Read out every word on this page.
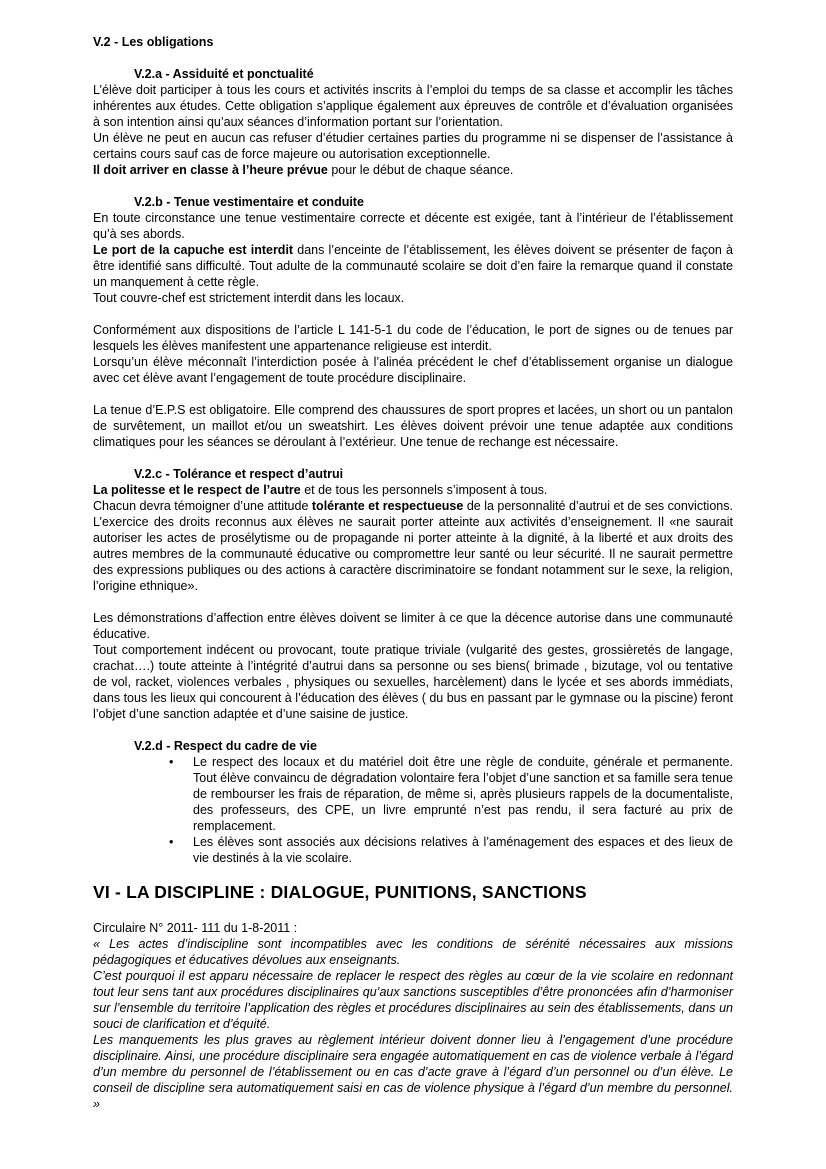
V.2 - Les obligations

V.2.a - Assiduité et ponctualité

L’élève doit participer à tous les cours et activités inscrits à l’emploi du temps de sa classe et accomplir les tâches inhérentes aux études. Cette obligation s’applique également aux épreuves de contrôle et d’évaluation organisées à son intention ainsi qu’aux séances d’information portant sur l’orientation.

Un élève ne peut en aucun cas refuser d’étudier certaines parties du programme ni se dispenser de l’assistance à certains cours sauf cas de force majeure ou autorisation exceptionnelle.

Il doit arriver en classe à l’heure prévue pour le début de chaque séance.

V.2.b - Tenue vestimentaire et conduite

En toute circonstance une tenue vestimentaire correcte et décente est exigée, tant à l’intérieur de l’établissement qu’à ses abords.

Le port de la capuche est interdit dans l’enceinte de l’établissement, les élèves doivent se présenter de façon à être identifié sans difficulté. Tout adulte de la communauté scolaire se doit d’en faire la remarque quand il constate un manquement à cette règle.

Tout couvre-chef est strictement interdit dans les locaux.

Conformément aux dispositions de l’article L 141-5-1 du code de l’éducation, le port de signes ou de tenues par lesquels les élèves manifestent une appartenance religieuse est interdit.

Lorsqu’un élève méconnaît l’interdiction posée à l’alinéa précédent le chef d’établissement organise un dialogue avec cet élève avant l’engagement de toute procédure disciplinaire.

La tenue d’E.P.S est obligatoire. Elle comprend des chaussures de sport propres et lacées, un short ou un pantalon de survêtement, un maillot et/ou un sweatshirt. Les élèves doivent prévoir une tenue adaptée aux conditions climatiques pour les séances se déroulant à l’extérieur. Une tenue de rechange est nécessaire.

V.2.c - Tolérance et respect d’autrui

La politesse et le respect de l’autre et de tous les personnels s’imposent à tous.

Chacun devra témoigner d’une attitude tolérante et respectueuse de la personnalité d’autrui et de ses convictions.

L’exercice des droits reconnus aux élèves ne saurait porter atteinte aux activités d’enseignement. Il «ne saurait autoriser les actes de prosélytisme ou de propagande ni porter atteinte à la dignité, à la liberté et aux droits des autres membres de la communauté éducative ou compromettre leur santé ou leur sécurité. Il ne saurait permettre des expressions publiques ou des actions à caractère discriminatoire se fondant notamment sur le sexe, la religion, l’origine ethnique».

Les démonstrations d’affection entre élèves doivent se limiter à ce que la décence autorise dans une communauté éducative.

Tout comportement indécent ou provocant, toute pratique triviale (vulgarité des gestes, grossièretés de langage, crachat….) toute atteinte à l’intégrité d’autrui dans sa personne ou ses biens( brimade , bizutage, vol ou tentative de vol, racket, violences verbales , physiques ou sexuelles, harcèlement) dans le lycée et ses abords immédiats, dans tous les lieux qui concourent à l’éducation des élèves ( du bus en passant par le gymnase ou la piscine) feront l’objet d’une sanction adaptée et d’une saisine de justice.

V.2.d - Respect du cadre de vie

• Le respect des locaux et du matériel doit être une règle de conduite, générale et permanente. Tout élève convaincu de dégradation volontaire fera l’objet d’une sanction et sa famille sera tenue de rembourser les frais de réparation, de même si, après plusieurs rappels de la documentaliste, des professeurs, des CPE, un livre emprunté n’est pas rendu, il sera facturé au prix de remplacement.

• Les élèves sont associés aux décisions relatives à l’aménagement des espaces et des lieux de vie destinés à la vie scolaire.

VI - LA DISCIPLINE : DIALOGUE, PUNITIONS, SANCTIONS

Circulaire N° 2011- 111 du 1-8-2011 :

« Les actes d’indiscipline sont incompatibles avec les conditions de sérénité nécessaires aux missions pédagogiques et éducatives dévolues aux enseignants.

C’est pourquoi il est apparu nécessaire de replacer le respect des règles au cœur de la vie scolaire en redonnant tout leur sens tant aux procédures disciplinaires qu’aux sanctions susceptibles d’être prononcées afin d’harmoniser sur l’ensemble du territoire l’application des règles et procédures disciplinaires au sein des établissements, dans un souci de clarification et d’équité.

Les manquements les plus graves au règlement intérieur doivent donner lieu à l’engagement d’une procédure disciplinaire. Ainsi, une procédure disciplinaire sera engagée automatiquement en cas de violence verbale à l’égard d’un membre du personnel de l’établissement ou en cas d’acte grave à l’égard d’un personnel ou d’un élève. Le conseil de discipline sera automatiquement saisi en cas de violence physique à l’égard d’un membre du personnel. »
